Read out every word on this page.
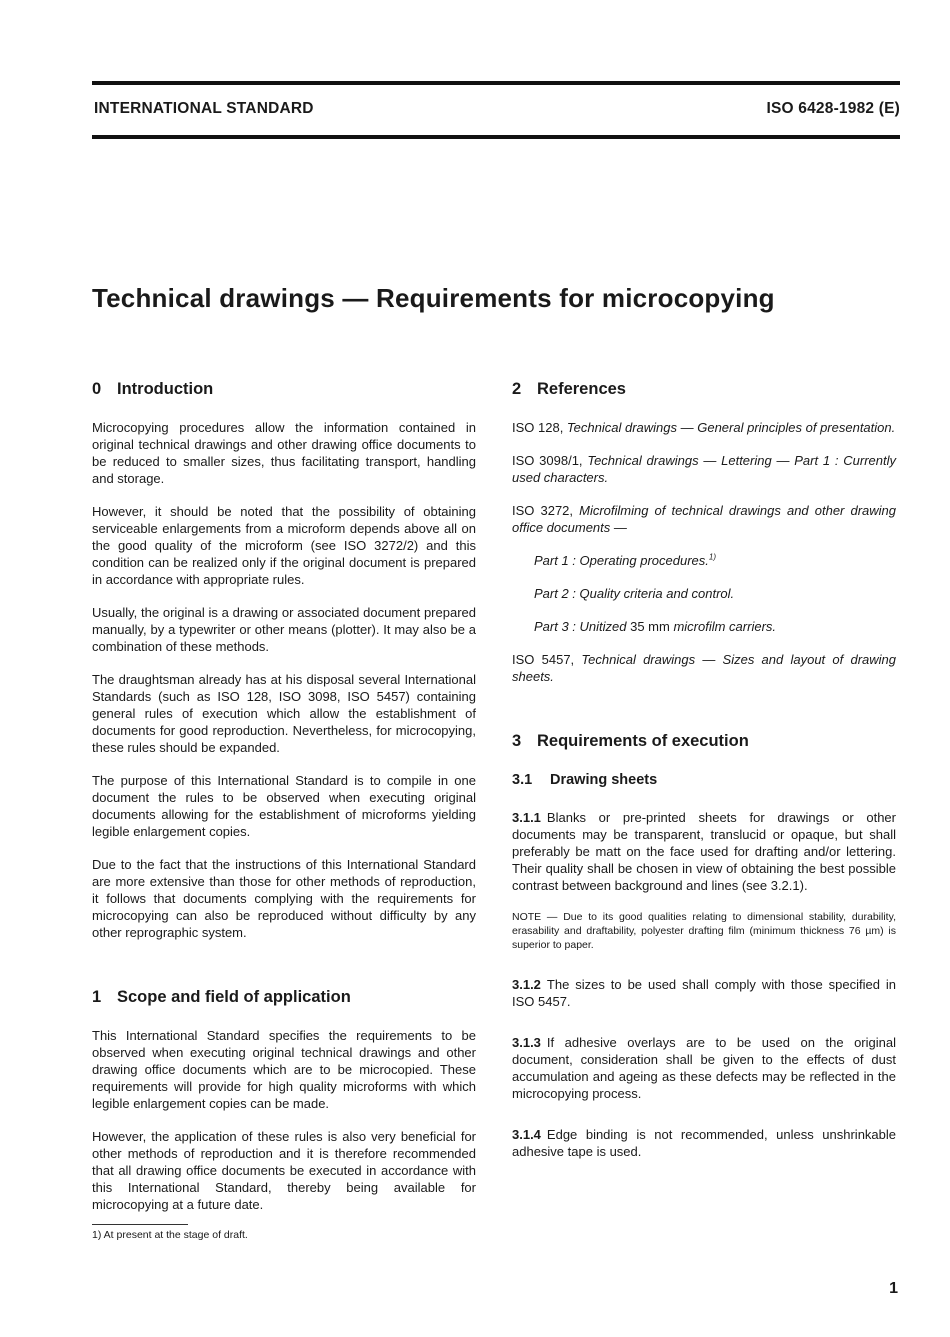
INTERNATIONAL STANDARD	ISO 6428-1982 (E)
Technical drawings — Requirements for microcopying
0 Introduction

Microcopying procedures allow the information contained in original technical drawings and other drawing office documents to be reduced to smaller sizes, thus facilitating transport, handling and storage.

However, it should be noted that the possibility of obtaining serviceable enlargements from a microform depends above all on the good quality of the microform (see ISO 3272/2) and this condition can be realized only if the original document is prepared in accordance with appropriate rules.

Usually, the original is a drawing or associated document prepared manually, by a typewriter or other means (plotter). It may also be a combination of these methods.

The draughtsman already has at his disposal several International Standards (such as ISO 128, ISO 3098, ISO 5457) containing general rules of execution which allow the establishment of documents for good reproduction. Nevertheless, for microcopying, these rules should be expanded.

The purpose of this International Standard is to compile in one document the rules to be observed when executing original documents allowing for the establishment of microforms yielding legible enlargement copies.

Due to the fact that the instructions of this International Standard are more extensive than those for other methods of reproduction, it follows that documents complying with the requirements for microcopying can also be reproduced without difficulty by any other reprographic system.

1 Scope and field of application

This International Standard specifies the requirements to be observed when executing original technical drawings and other drawing office documents which are to be microcopied. These requirements will provide for high quality microforms with which legible enlargement copies can be made.

However, the application of these rules is also very beneficial for other methods of reproduction and it is therefore recommended that all drawing office documents be executed in accordance with this International Standard, thereby being available for microcopying at a future date.

2 References

ISO 128, Technical drawings — General principles of presentation.

ISO 3098/1, Technical drawings — Lettering — Part 1 : Currently used characters.

ISO 3272, Microfilming of technical drawings and other drawing office documents —

Part 1 : Operating procedures.$^{1)}$

Part 2 : Quality criteria and control.

Part 3 : Unitized 35 mm microfilm carriers.

ISO 5457, Technical drawings — Sizes and layout of drawing sheets.

3 Requirements of execution
3.1 Drawing sheets

3.1.1 Blanks or pre-printed sheets for drawings or other documents may be transparent, translucid or opaque, but shall preferably be matt on the face used for drafting and/or lettering. Their quality shall be chosen in view of obtaining the best possible contrast between background and lines (see 3.2.1).

NOTE — Due to its good qualities relating to dimensional stability, durability, erasability and draftability, polyester drafting film (minimum thickness 76 µm) is superior to paper.

3.1.2 The sizes to be used shall comply with those specified in ISO 5457.

3.1.3 If adhesive overlays are to be used on the original document, consideration shall be given to the effects of dust accumulation and ageing as these defects may be reflected in the microcopying process.

3.1.4 Edge binding is not recommended, unless unshrinkable adhesive tape is used.

1) At present at the stage of draft.
1
